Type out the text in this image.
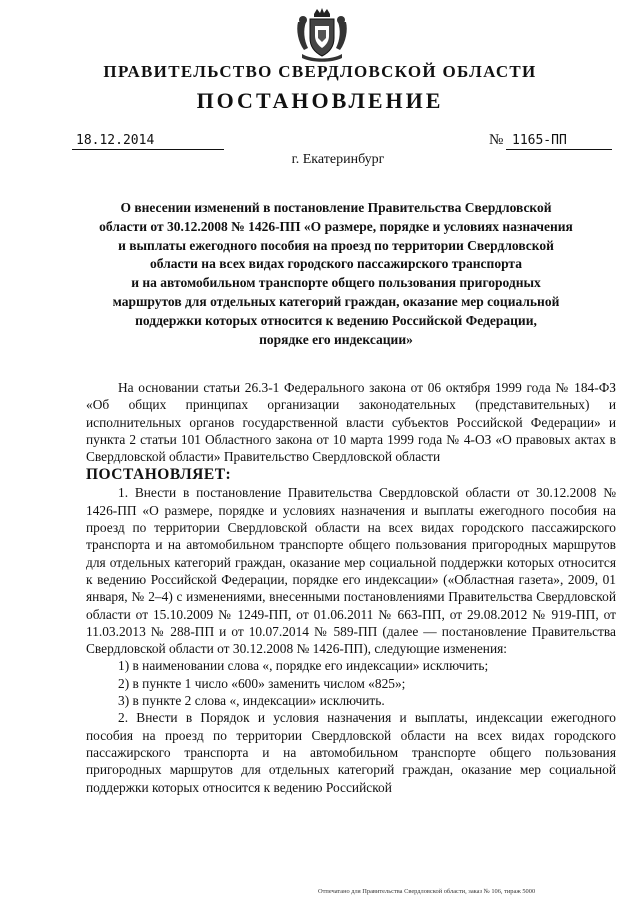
ПРАВИТЕЛЬСТВО СВЕРДЛОВСКОЙ ОБЛАСТИ
ПОСТАНОВЛЕНИЕ
18.12.2014	№ 1165-ПП
г. Екатеринбург
О внесении изменений в постановление Правительства Свердловской
области от 30.12.2008 № 1426-ПП «О размере, порядке и условиях назначения
и выплаты ежегодного пособия на проезд по территории Свердловской
области на всех видах городского пассажирского транспорта
и на автомобильном транспорте общего пользования пригородных
маршрутов для отдельных категорий граждан, оказание мер социальной
поддержки которых относится к ведению Российской Федерации,
порядке его индексации»

На основании статьи 26.3-1 Федерального закона от 06 октября 1999 года № 184-ФЗ «Об общих принципах организации законодательных (представительных) и исполнительных органов государственной власти субъектов Российской Федерации» и пункта 2 статьи 101 Областного закона от 10 марта 1999 года № 4-ОЗ «О правовых актах в Свердловской области» Правительство Свердловской области

ПОСТАНОВЛЯЕТ:

1. Внести в постановление Правительства Свердловской области от 30.12.2008 № 1426-ПП «О размере, порядке и условиях назначения и выплаты ежегодного пособия на проезд по территории Свердловской области на всех видах городского пассажирского транспорта и на автомобильном транспорте общего пользования пригородных маршрутов для отдельных категорий граждан, оказание мер социальной поддержки которых относится к ведению Российской Федерации, порядке его индексации» («Областная газета», 2009, 01 января, № 2–4) с изменениями, внесенными постановлениями Правительства Свердловской области от 15.10.2009 № 1249-ПП, от 01.06.2011 № 663-ПП, от 29.08.2012 № 919-ПП, от 11.03.2013 № 288-ПП и от 10.07.2014 № 589-ПП (далее — постановление Правительства Свердловской области от 30.12.2008 № 1426-ПП), следующие изменения:

1) в наименовании слова «, порядке его индексации» исключить;

2) в пункте 1 число «600» заменить числом «825»;

3) в пункте 2 слова «, индексации» исключить.

2. Внести в Порядок и условия назначения и выплаты, индексации ежегодного пособия на проезд по территории Свердловской области на всех видах городского пассажирского транспорта и на автомобильном транспорте общего пользования пригородных маршрутов для отдельных категорий граждан, оказание мер социальной поддержки которых относится к ведению Российской

Отпечатано для Правительства Свердловской области, заказ № 106, тираж 5000
